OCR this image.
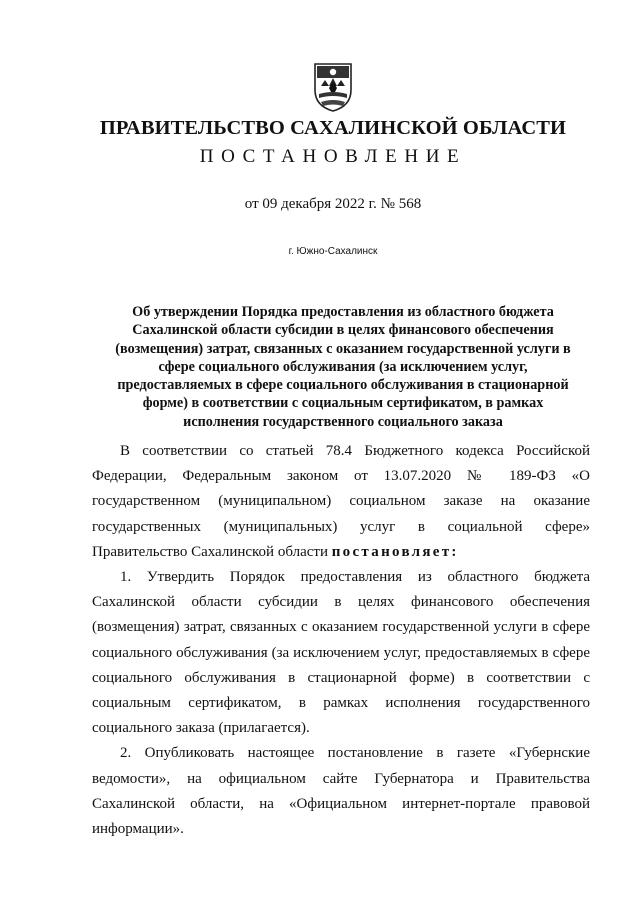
ПРАВИТЕЛЬСТВО САХАЛИНСКОЙ ОБЛАСТИ
ПОСТАНОВЛЕНИЕ
от 09 декабря 2022 г. № 568
г. Южно-Сахалинск
Об утверждении Порядка предоставления из областного бюджета
Сахалинской области субсидии в целях финансового обеспечения
(возмещения) затрат, связанных с оказанием государственной услуги в
сфере социального обслуживания (за исключением услуг,
предоставляемых в сфере социального обслуживания в стационарной
форме) в соответствии с социальным сертификатом, в рамках
исполнения государственного социального заказа
В соответствии со статьей 78.4 Бюджетного кодекса Российской
Федерации, Федеральным законом от 13.07.2020 № 189-ФЗ «О
государственном (муниципальном) социальном заказе на оказание
государственных (муниципальных) услуг в социальной сфере»
Правительство Сахалинской области постановляет:
1. Утвердить Порядок предоставления из областного бюджета
Сахалинской области субсидии в целях финансового обеспечения
(возмещения) затрат, связанных с оказанием государственной услуги в сфере
социального обслуживания (за исключением услуг, предоставляемых в сфере
социального обслуживания в стационарной форме) в соответствии с
социальным сертификатом, в рамках исполнения государственного
социального заказа (прилагается).
2. Опубликовать настоящее постановление в газете «Губернские
ведомости», на официальном сайте Губернатора и Правительства
Сахалинской области, на «Официальном интернет-портале правовой
информации».
